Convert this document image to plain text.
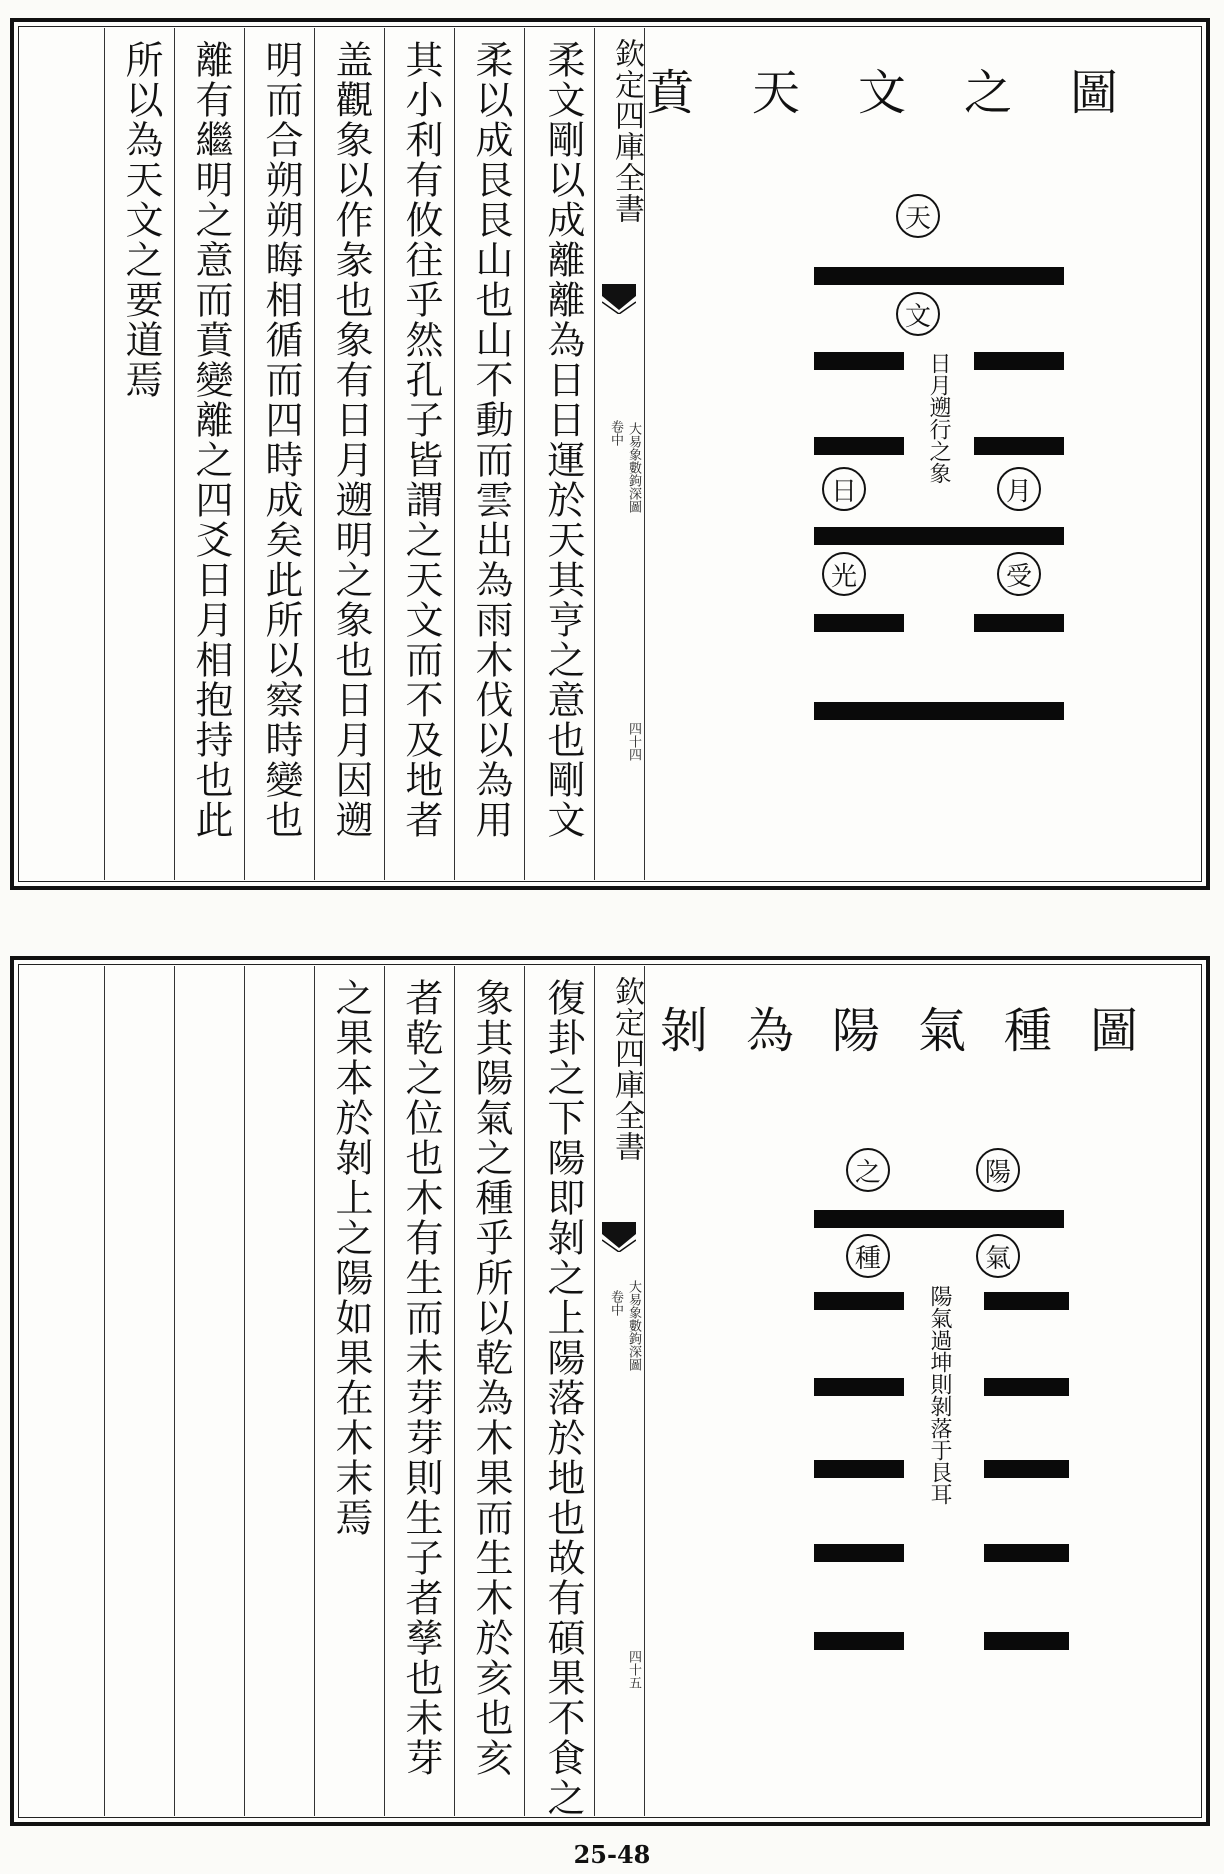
賁天文之圖
天
文
日月遡行之象
日	月
光	受
欽定四庫全書
大易象數鉤深圖
卷中
四十四
柔文剛以成離離為日日運於天其亨之意也剛文
柔以成艮艮山也山不動而雲出為雨木伐以為用
其小利有攸往乎然孔子皆謂之天文而不及地者
盖觀象以作彖也象有日月遡明之象也日月因遡
明而合朔朔晦相循而四時成矣此所以察時變也
離有繼明之意而賁變離之四爻日月相抱持也此
所以為天文之要道焉
剝為陽氣種圖
之	陽
種	氣
陽氣過坤則剝落于艮耳
欽定四庫全書
大易象數鉤深圖
卷中
四十五
復卦之下陽即剝之上陽落於地也故有碩果不食之
象其陽氣之種乎所以乾為木果而生木於亥也亥
者乾之位也木有生而未芽芽則生子者孳也未芽
之果本於剝上之陽如果在木末焉
25-48
